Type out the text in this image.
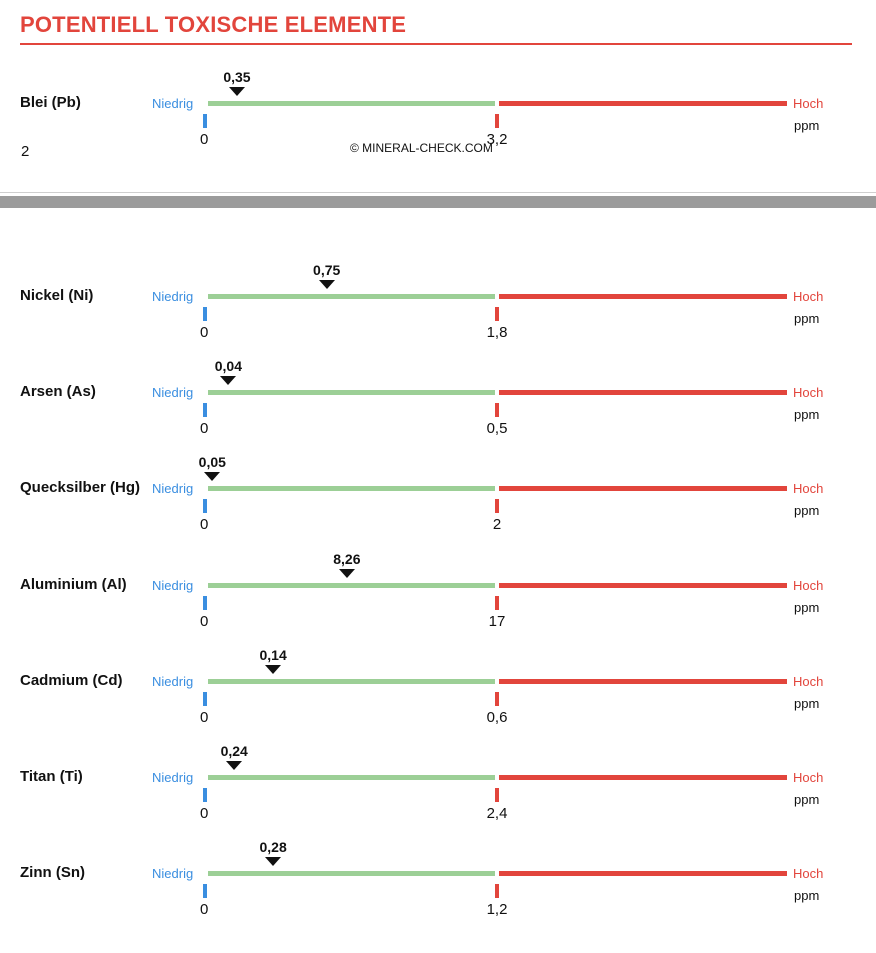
POTENTIELL TOXISCHE ELEMENTE
Blei (Pb)	Niedrig	Hoch
ppm
0	3,2
0,35
2	© MINERAL-CHECK.COM
Nickel (Ni)	Niedrig	Hoch
ppm
0	1,8
0,75
Arsen (As)	Niedrig	Hoch
ppm
0	0,5
0,04
Quecksilber (Hg) Niedrig	Hoch
ppm
0	2
0,05
Aluminium (Al) Niedrig	Hoch
ppm
0	17
8,26
Cadmium (Cd) Niedrig	Hoch
ppm
0	0,6
0,14
Titan (Ti)	Niedrig	Hoch
ppm
0	2,4
0,24
Zinn (Sn)	Niedrig	Hoch
ppm
0	1,2
0,28
